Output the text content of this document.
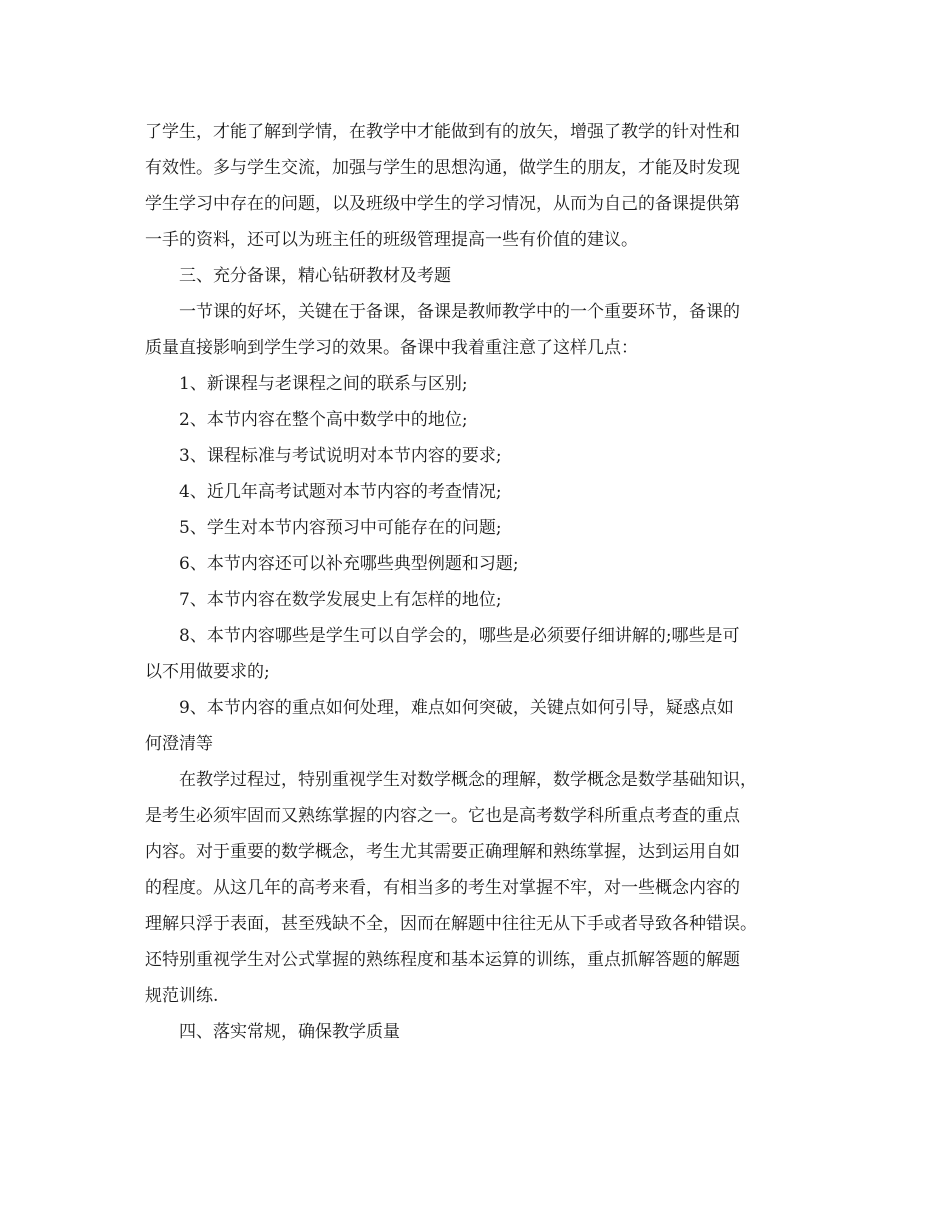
了学生，才能了解到学情，在教学中才能做到有的放矢，增强了教学的针对性和
有效性。多与学生交流，加强与学生的思想沟通，做学生的朋友，才能及时发现
学生学习中存在的问题，以及班级中学生的学习情况，从而为自己的备课提供第
一手的资料，还可以为班主任的班级管理提高一些有价值的建议。
　　三、充分备课，精心钻研教材及考题
　　一节课的好坏，关键在于备课，备课是教师教学中的一个重要环节，备课的
质量直接影响到学生学习的效果。备课中我着重注意了这样几点：
　　1、新课程与老课程之间的联系与区别;
　　2、本节内容在整个高中数学中的地位;
　　3、课程标准与考试说明对本节内容的要求;
　　4、近几年高考试题对本节内容的考查情况;
　　5、学生对本节内容预习中可能存在的问题;
　　6、本节内容还可以补充哪些典型例题和习题;
　　7、本节内容在数学发展史上有怎样的地位;
　　8、本节内容哪些是学生可以自学会的，哪些是必须要仔细讲解的;哪些是可
以不用做要求的;
　　9、本节内容的重点如何处理，难点如何突破，关键点如何引导，疑惑点如
何澄清等
　　在教学过程过，特别重视学生对数学概念的理解，数学概念是数学基础知识，
是考生必须牢固而又熟练掌握的内容之一。它也是高考数学科所重点考查的重点
内容。对于重要的数学概念，考生尤其需要正确理解和熟练掌握，达到运用自如
的程度。从这几年的高考来看，有相当多的考生对掌握不牢，对一些概念内容的
理解只浮于表面，甚至残缺不全，因而在解题中往往无从下手或者导致各种错误。
还特别重视学生对公式掌握的熟练程度和基本运算的训练，重点抓解答题的解题
规范训练.
　　四、落实常规，确保教学质量
